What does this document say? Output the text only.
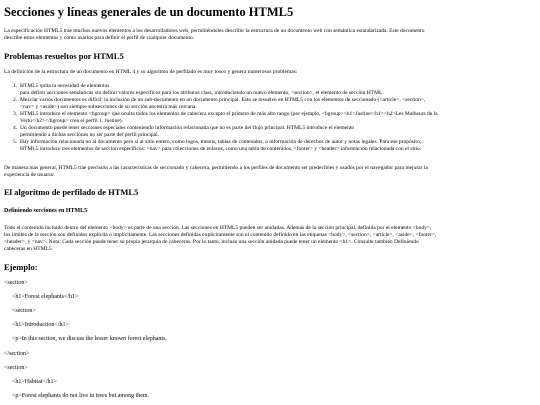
Secciones y líneas generales de un documento HTML5

La especificación HTML5 trae muchos nuevos elementos a los desarrolladores web, permitiéndoles describir la estructura de un documento web con semántica estandarizada. Este documento
describe estos elementos y cómo usarlos para definir el perfil de cualquier documento.

Problemas resueltos por HTML5

La definición de la estructura de un documento en HTML 4 y su algoritmo de perfilado es muy tosco y genera numerosos problemas:

1. HTML5 quita la necesidad de elementos
para definir secciones semánticas sin definir valores específicos para los atributos class, introduciendo un nuevo elemento, <section>, el elemento de sección HTML.
2. Mezclar varios documentos es difícil: la inclusión de un sub-documento en un documento principal. Esto se resuelve en HTML5 con los elementos de seccionado (<article>, <section>,
<nav> y <aside>) son siempre subsecciones de su sección ancestra más cercana.
3. HTML5 introduce el elemento <hgroup> que oculta todos los elementos de cabecera excepto el primero de más alto rango (por ejemplo, <hgroup><h1>Justine</h1><h2>Les Malheurs de la
Vertu</h2></hgroup> crea el perfil 1. Justine).
4. Un documento puede tener secciones especiales conteniendo información relacionada que no es parte del flujo principal. HTML5 introduce el elemento
permitiendo a dichas secciones no ser parte del perfil principal.
5. Hay información relacionada no al documento pero sí al sitio entero, como logos, menús, tablas de contenidos, o información de derechos de autor y notas legales. Para ese propósito,
HTML5 introduce tres elementos de sección específicos: <nav> para colecciones de enlaces, como una tabla de contenidos, <footer> y <header> información relacionada con el sitio.

De manera más general, HTML5 trae precisión a las características de seccionado y cabecera, permitiendo a los perfiles de documento ser predecibles y usados por el navegador para mejorar la
experiencia de usuario.

El algoritmo de perfilado de HTML5
Definiendo secciones en HTML5

Todo el contenido incluido dentro del elemento <body> es parte de una sección. Las secciones en HTML5 pueden ser anidadas. Además de la sección principal, definida por el elemento <body>,
los límites de la sección son definidos explícita o implícitamente. Las secciones definidas explícitamente son el contenido definido en las etiquetas <body>, <section>, <article>, <aside>, <footer>,
<header>, y <nav>. Nota: Cada sección puede tener su propia jerarquía de cabeceras. Por lo tanto, incluso una sección anidada puede tener un elemento <h1>. Consulte también Definiendo
cabeceras en HTML5.

Ejemplo:
<section>
<h1>Forest elephants</h1>
<section>
<h1>Introduction</h1>
<p>In this section, we discuss the lesser known forest elephants.
</section>
<section>
<h1>Habitat</h1>
<p>Forest elephants do not live in trees but among them.
